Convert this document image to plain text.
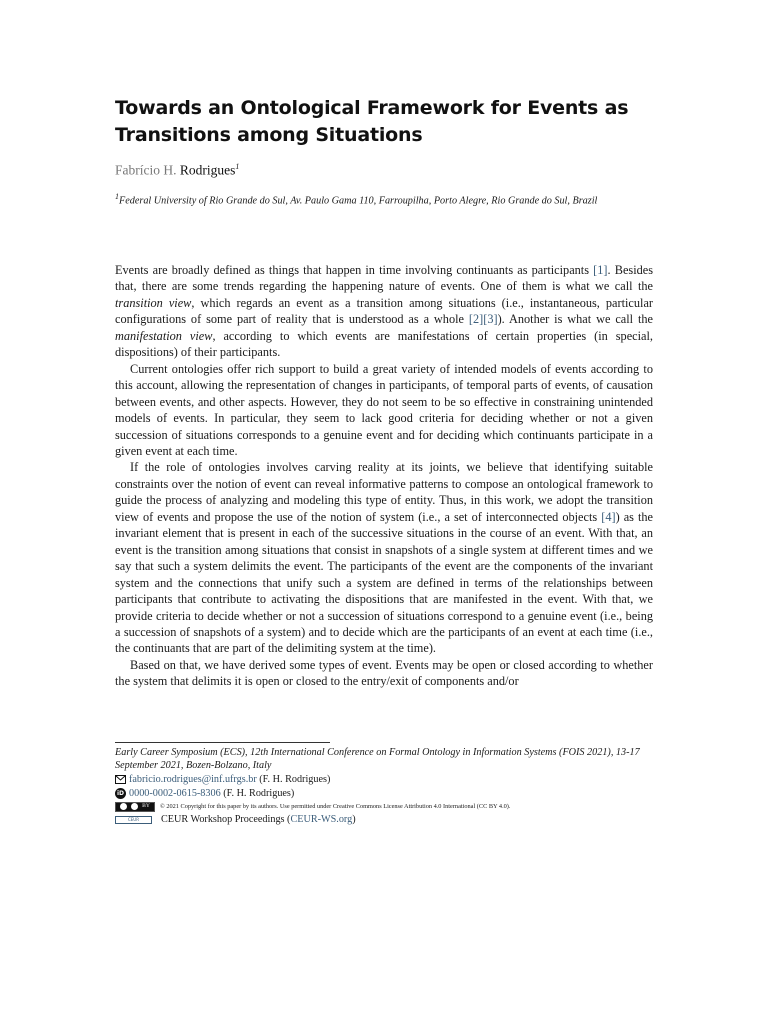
Towards an Ontological Framework for Events as Transitions among Situations
Fabrício H. Rodrigues$^1$
$^1$Federal University of Rio Grande do Sul, Av. Paulo Gama 110, Farroupilha, Porto Alegre, Rio Grande do Sul, Brazil

Events are broadly defined as things that happen in time involving continuants as participants [1]. Besides that, there are some trends regarding the happening nature of events. One of them is what we call the transition view, which regards an event as a transition among situations (i.e., instantaneous, particular configurations of some part of reality that is understood as a whole [2][3]). Another is what we call the manifestation view, according to which events are manifestations of certain properties (in special, dispositions) of their participants.

Current ontologies offer rich support to build a great variety of intended models of events according to this account, allowing the representation of changes in participants, of temporal parts of events, of causation between events, and other aspects. However, they do not seem to be so effective in constraining unintended models of events. In particular, they seem to lack good criteria for deciding whether or not a given succession of situations corresponds to a genuine event and for deciding which continuants participate in a given event at each time.

If the role of ontologies involves carving reality at its joints, we believe that identifying suitable constraints over the notion of event can reveal informative patterns to compose an ontological framework to guide the process of analyzing and modeling this type of entity. Thus, in this work, we adopt the transition view of events and propose the use of the notion of system (i.e., a set of interconnected objects [4]) as the invariant element that is present in each of the successive situations in the course of an event. With that, an event is the transition among situations that consist in snapshots of a single system at different times and we say that such a system delimits the event. The participants of the event are the components of the invariant system and the connections that unify such a system are defined in terms of the relationships between participants that contribute to activating the dispositions that are manifested in the event. With that, we provide criteria to decide whether or not a succession of situations correspond to a genuine event (i.e., being a succession of snapshots of a system) and to decide which are the participants of an event at each time (i.e., the continuants that are part of the delimiting system at the time).

Based on that, we have derived some types of event. Events may be open or closed according to whether the system that delimits it is open or closed to the entry/exit of components and/or

Early Career Symposium (ECS), 12th International Conference on Formal Ontology in Information Systems (FOIS 2021), 13-17 September 2021, Bozen-Bolzano, Italy
fabricio.rodrigues@inf.ufrgs.br
(F. H. Rodrigues)
iD 0000-0002-0615-8306
(F. H. Rodrigues)
BY © 2021 Copyright for this paper by its authors. Use permitted under Creative Commons License Attribution 4.0 International (CC BY 4.0).
CEUR	CEUR Workshop Proceedings ( CEUR-WS.org )
